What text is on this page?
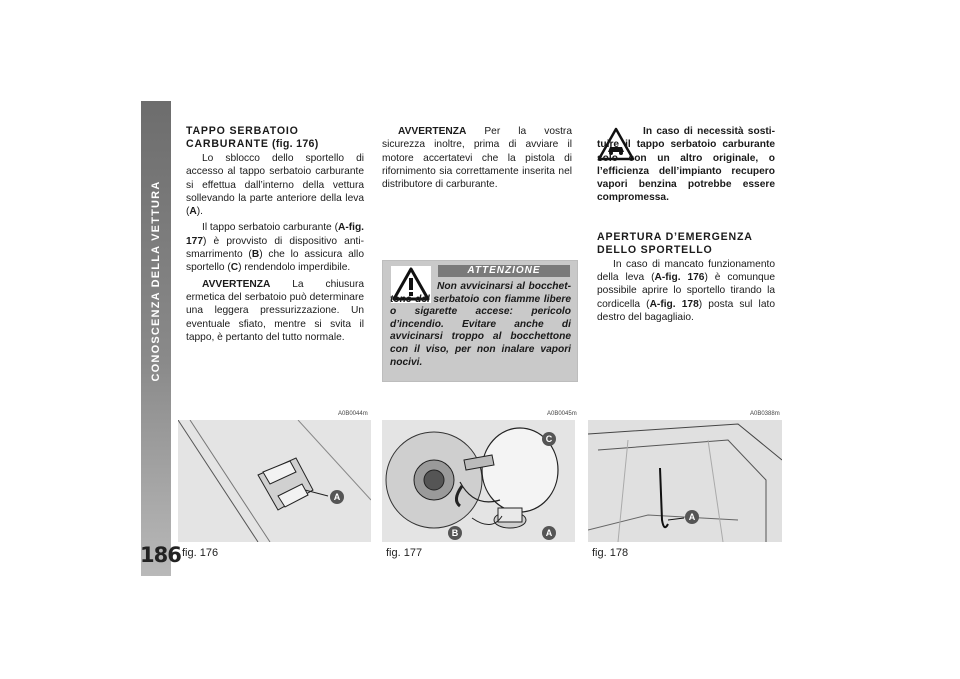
CONOSCENZA DELLA VETTURA
186

TAPPO SERBATOIO
CARBURANTE (fig. 176)

Lo sblocco dello sportello di accesso al tappo serbatoio carburante si effettua dall’interno della vettura sollevando la parte anteriore della leva (A).

Il tappo serbatoio carburante (A-fig. 177) è provvisto di dispositivo antismarrimento (B) che lo assicura allo sportello (C) rendendolo imperdibile.

AVVERTENZA La chiusura ermetica del serbatoio può determinare una leggera pressurizzazione. Un eventuale sfiato, mentre si svita il tappo, è pertanto del tutto normale.

AVVERTENZA Per la vostra sicurezza inoltre, prima di avviare il motore accertatevi che la pistola di rifornimento sia correttamente inserita nel distributore di carburante.

ATTENZIONE
Non avvicinarsi al bocchettone del serbatoio con fiamme libere o sigarette accese: pericolo d’incendio. Evitare anche di avvicinarsi troppo al bocchettone con il viso, per non inalare vapori nocivi.

In caso di necessità sostituire il tappo serbatoio carburante solo con un altro originale, o l’efficienza dell’impianto recupero vapori benzina potrebbe essere compromessa.

APERTURA D’EMERGENZA
DELLO SPORTELLO

In caso di mancato funzionamento della leva (A-fig. 176) è comunque possibile aprire lo sportello tirando la cordicella (A-fig. 178) posta sul lato destro del bagagliaio.

A0B0044m
A
fig. 176
A0B0045m
C
B	A
fig. 177
A0B0388m
A
fig. 178
